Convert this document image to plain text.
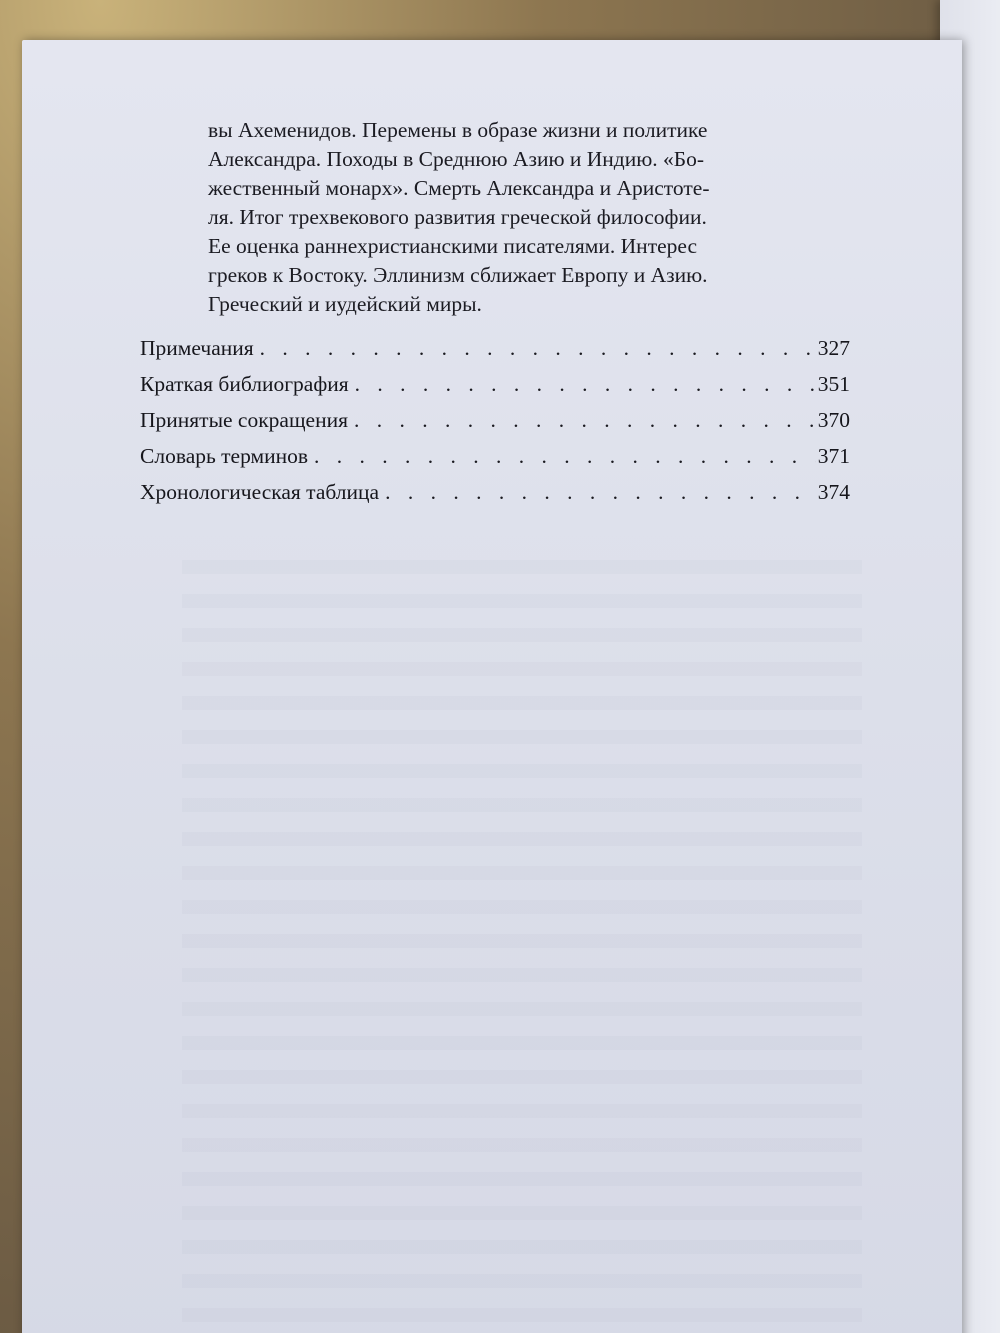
вы Ахеменидов. Перемены в образе жизни и политике
Александра. Походы в Среднюю Азию и Индию. «Бо-
жественный монарх». Смерть Александра и Аристоте-
ля. Итог трехвекового развития греческой философии.
Ее оценка раннехристианскими писателями. Интерес
греков к Востоку. Эллинизм сближает Европу и Азию.
Греческий и иудейский миры.
Примечания . . .	327
Краткая библиография . . .	351
Принятые сокращения . . .	370
Словарь терминов . . .	371
Хронологическая таблица . . .	374
